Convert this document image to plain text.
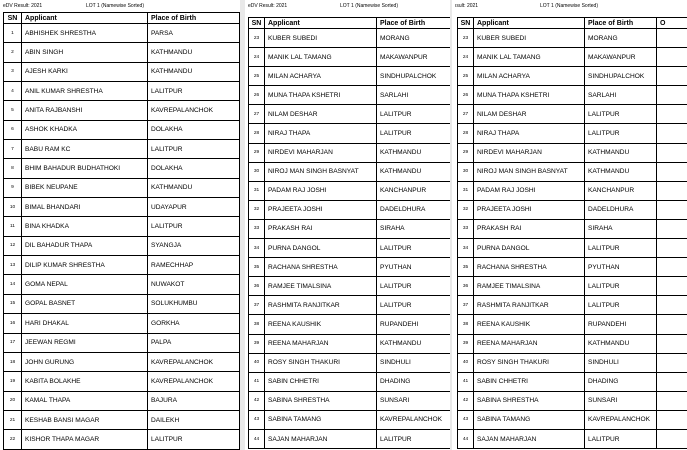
eDV Result: 2021	LOT 1 (Namewise Sorted)
SN	Applicant	Place of Birth
1	ABHISHEK SHRESTHA	PARSA
2	ABIN SINGH	KATHMANDU
3	AJESH KARKI	KATHMANDU
4	ANIL KUMAR SHRESTHA	LALITPUR
5	ANITA RAJBANSHI	KAVREPALANCHOK
6	ASHOK KHADKA	DOLAKHA
7	BABU RAM KC	LALITPUR
8	BHIM BAHADUR BUDHATHOKI	DOLAKHA
9	BIBEK NEUPANE	KATHMANDU
10	BIMAL BHANDARI	UDAYAPUR
11	BINA KHADKA	LALITPUR
12	DIL BAHADUR THAPA	SYANGJA
13	DILIP KUMAR SHRESTHA	RAMECHHAP
14	GOMA NEPAL	NUWAKOT
15	GOPAL BASNET	SOLUKHUMBU
16	HARI DHAKAL	GORKHA
17	JEEWAN REGMI	PALPA
18	JOHN GURUNG	KAVREPALANCHOK
19	KABITA BOLAKHE	KAVREPALANCHOK
20	KAMAL THAPA	BAJURA
21	KESHAB BANSI MAGAR	DAILEKH
22	KISHOR THAPA MAGAR	LALITPUR
eDV Result: 2021	LOT 1 (Namewise Sorted)
SN	Applicant	Place of Birth
23	KUBER SUBEDI	MORANG
24	MANIK LAL TAMANG	MAKAWANPUR
25	MILAN ACHARYA	SINDHUPALCHOK
26	MUNA THAPA KSHETRI	SARLAHI
27	NILAM DESHAR	LALITPUR
28	NIRAJ THAPA	LALITPUR
29	NIRDEVI MAHARJAN	KATHMANDU
30	NIROJ MAN SINGH BASNYAT	KATHMANDU
31	PADAM RAJ JOSHI	KANCHANPUR
32	PRAJEETA JOSHI	DADELDHURA
33	PRAKASH RAI	SIRAHA
34	PURNA DANGOL	LALITPUR
35	RACHANA SHRESTHA	PYUTHAN
36	RAMJEE TIMALSINA	LALITPUR
37	RASHMITA RANJITKAR	LALITPUR
38	REENA KAUSHIK	RUPANDEHI
39	REENA MAHARJAN	KATHMANDU
40	ROSY SINGH THAKURI	SINDHULI
41	SABIN CHHETRI	DHADING
42	SABINA SHRESTHA	SUNSARI
43	SABINA TAMANG	KAVREPALANCHOK
44	SAJAN MAHARJAN	LALITPUR
ısult: 2021	LOT 1 (Namewise Sorted)
SN	Applicant	Place of Birth	O
23	KUBER SUBEDI	MORANG	
24	MANIK LAL TAMANG	MAKAWANPUR	
25	MILAN ACHARYA	SINDHUPALCHOK	
26	MUNA THAPA KSHETRI	SARLAHI	
27	NILAM DESHAR	LALITPUR	
28	NIRAJ THAPA	LALITPUR	
29	NIRDEVI MAHARJAN	KATHMANDU	
30	NIROJ MAN SINGH BASNYAT	KATHMANDU	
31	PADAM RAJ JOSHI	KANCHANPUR	
32	PRAJEETA JOSHI	DADELDHURA	
33	PRAKASH RAI	SIRAHA	
34	PURNA DANGOL	LALITPUR	
35	RACHANA SHRESTHA	PYUTHAN	
36	RAMJEE TIMALSINA	LALITPUR	
37	RASHMITA RANJITKAR	LALITPUR	
38	REENA KAUSHIK	RUPANDEHI	
39	REENA MAHARJAN	KATHMANDU	
40	ROSY SINGH THAKURI	SINDHULI	
41	SABIN CHHETRI	DHADING	
42	SABINA SHRESTHA	SUNSARI	
43	SABINA TAMANG	KAVREPALANCHOK	
44	SAJAN MAHARJAN	LALITPUR	
